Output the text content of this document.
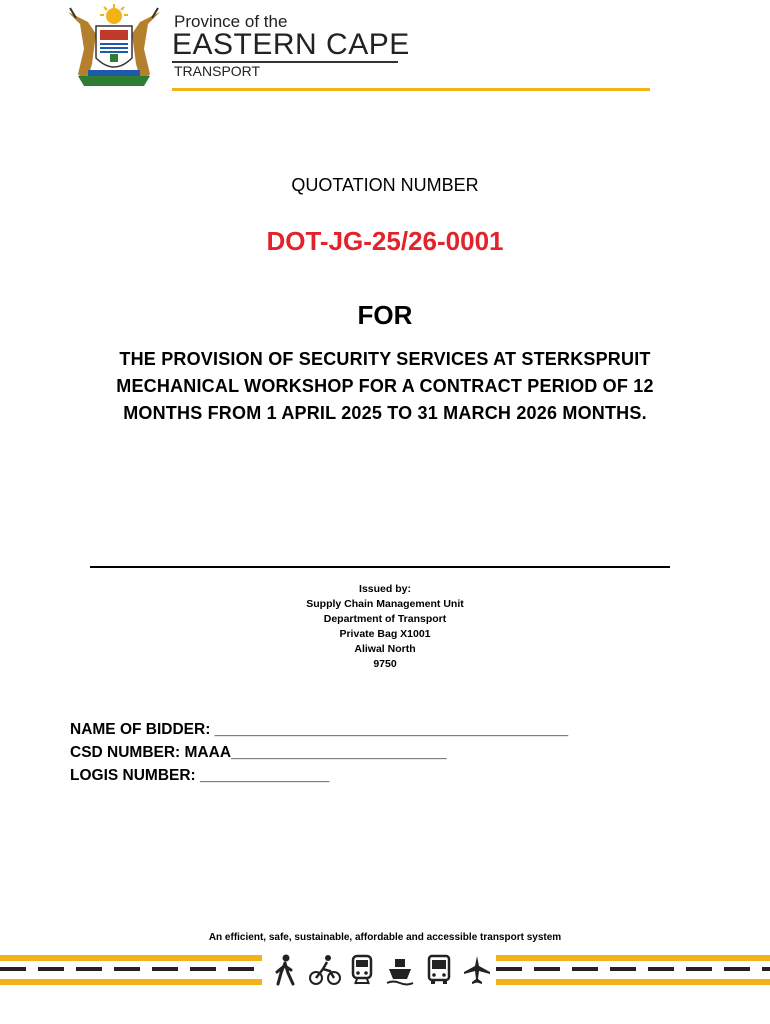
Province of the
EASTERN CAPE
TRANSPORT
QUOTATION NUMBER
DOT-JG-25/26-0001
FOR
THE PROVISION OF SECURITY SERVICES AT STERKSPRUIT
MECHANICAL WORKSHOP FOR A CONTRACT PERIOD OF 12
MONTHS FROM 1 APRIL 2025 TO 31 MARCH 2026 MONTHS.
Issued by:
Supply Chain Management Unit
Department of Transport
Private Bag X1001
Aliwal North
9750
NAME OF BIDDER: _________________________________________
CSD NUMBER: MAAA_________________________
LOGIS NUMBER: _______________
An efficient, safe, sustainable, affordable and accessible transport system
